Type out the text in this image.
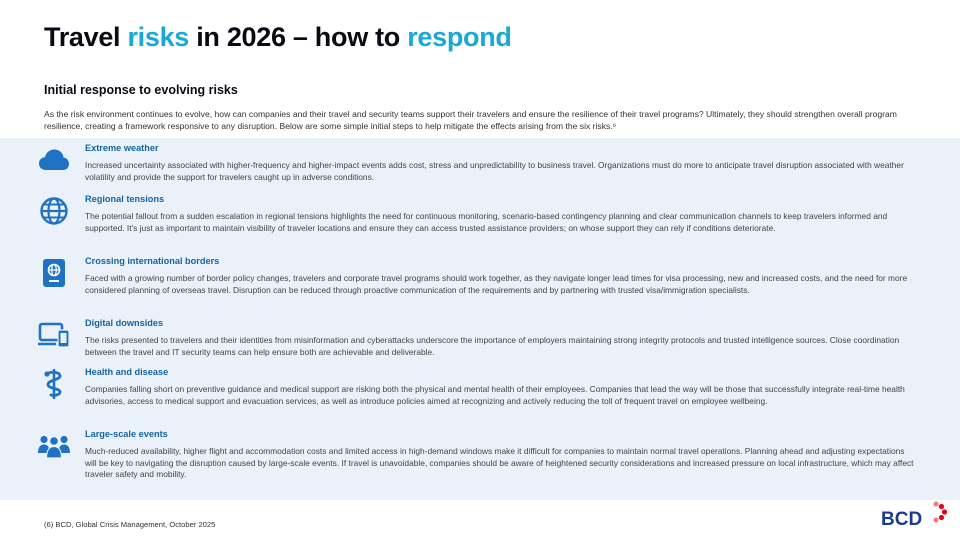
Travel risks in 2026 – how to respond
Initial response to evolving risks
As the risk environment continues to evolve, how can companies and their travel and security teams support their travelers and ensure the resilience of their travel programs? Ultimately, they should strengthen overall program resilience, creating a framework responsive to any disruption. Below are some simple initial steps to help mitigate the effects arising from the six risks.⁶
Extreme weather
Increased uncertainty associated with higher-frequency and higher-impact events adds cost, stress and unpredictability to business travel. Organizations must do more to anticipate travel disruption associated with weather volatility and provide the support for travelers caught up in adverse conditions.
Regional tensions
The potential fallout from a sudden escalation in regional tensions highlights the need for continuous monitoring, scenario-based contingency planning and clear communication channels to keep travelers informed and supported. It's just as important to maintain visibility of traveler locations and ensure they can access trusted assistance providers; on whose support they can rely if conditions deteriorate.
Crossing international borders
Faced with a growing number of border policy changes, travelers and corporate travel programs should work together, as they navigate longer lead times for visa processing, new and increased costs, and the need for more considered planning of overseas travel. Disruption can be reduced through proactive communication of the requirements and by partnering with trusted visa/immigration specialists.
Digital downsides
The risks presented to travelers and their identities from misinformation and cyberattacks underscore the importance of employers maintaining strong integrity protocols and trusted intelligence sources. Close coordination between the travel and IT security teams can help ensure both are achievable and deliverable.
Health and disease
Companies falling short on preventive guidance and medical support are risking both the physical and mental health of their employees. Companies that lead the way will be those that successfully integrate real-time health advisories, access to medical support and evacuation services, as well as introduce policies aimed at recognizing and actively reducing the toll of frequent travel on employee wellbeing.
Large-scale events
Much-reduced availability, higher flight and accommodation costs and limited access in high-demand windows make it difficult for companies to maintain normal travel operations. Planning ahead and adjusting expectations will be key to navigating the disruption caused by large-scale events. If travel is unavoidable, companies should be aware of heightened security considerations and increased pressure on local infrastructure, which may affect traveler safety and mobility.
(6) BCD, Global Crisis Management, October 2025	BCD
